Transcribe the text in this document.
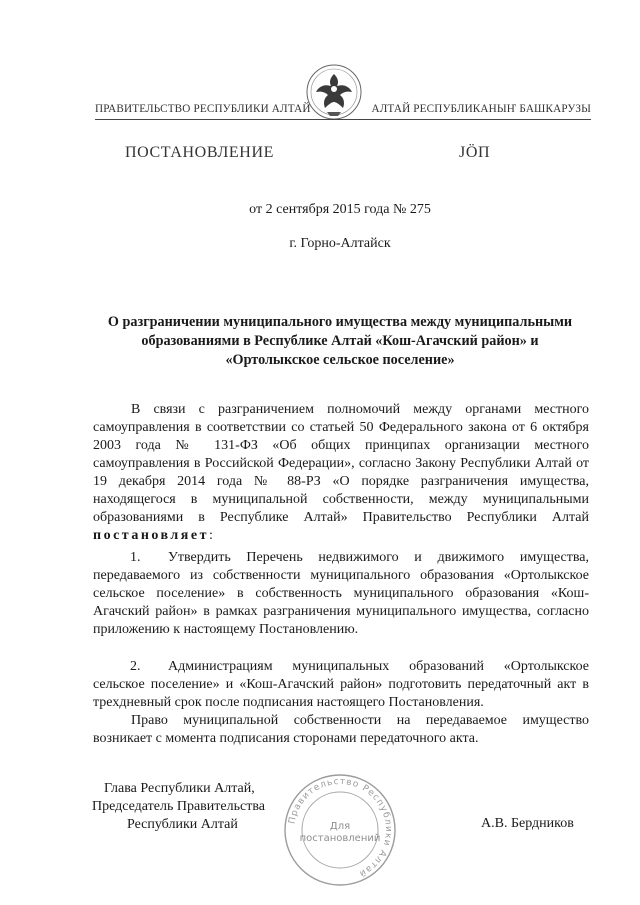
ПРАВИТЕЛЬСТВО РЕСПУБЛИКИ АЛТАЙ	АЛТАЙ РЕСПУБЛИКАНЫҤ БАШКАРУЗЫ
ПОСТАНОВЛЕНИЕ	JÖП
от 2 сентября 2015 года № 275
г. Горно-Алтайск
О разграничении муниципального имущества между муниципальными
образованиями в Республике Алтай «Кош-Агачский район» и
«Ортолыкское сельское поселение»
В связи с разграничением полномочий между органами местного самоуправления в соответствии со статьей 50 Федерального закона от 6 октября 2003 года № 131-ФЗ «Об общих принципах организации местного самоуправления в Российской Федерации», согласно Закону Республики Алтай от 19 декабря 2014 года № 88-РЗ «О порядке разграничения имущества, находящегося в муниципальной собственности, между муниципальными образованиями в Республике Алтай» Правительство Республики Алтай постановляет:
1. Утвердить Перечень недвижимого и движимого имущества, передаваемого из собственности муниципального образования «Ортолыкское сельское поселение» в собственность муниципального образования «Кош-Агачский район» в рамках разграничения муниципального имущества, согласно приложению к настоящему Постановлению.
2. Администрациям муниципальных образований «Ортолыкское сельское поселение» и «Кош-Агачский район» подготовить передаточный акт в трехдневный срок после подписания настоящего Постановления.
Право муниципальной собственности на передаваемое имущество возникает с момента подписания сторонами передаточного акта.
Правительство Республики Алтай
Для
постановлений
Глава Республики Алтай,
Председатель Правительства
Республики Алтай	А.В. Бердников
